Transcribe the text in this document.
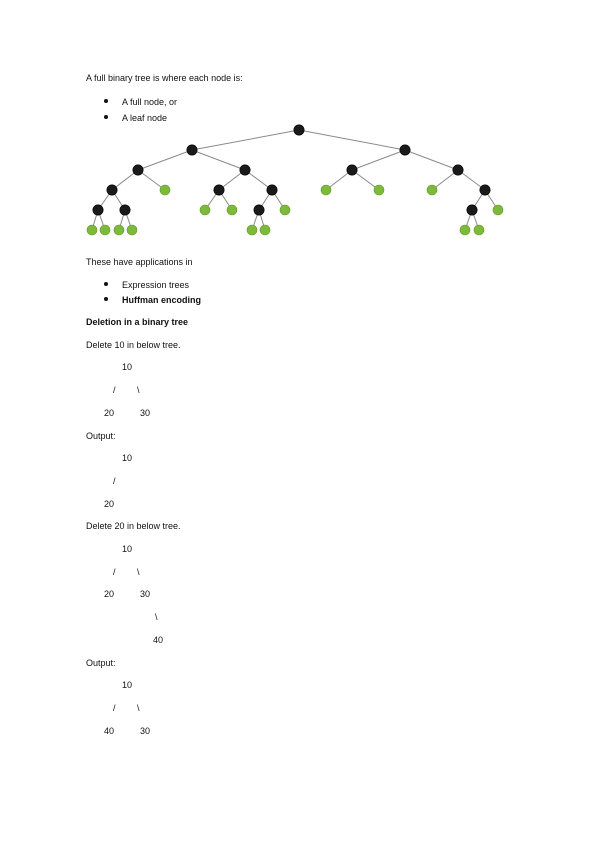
A full binary tree is where each node is:
A full node, or
A leaf node
These have applications in
Expression trees
Huffman encoding
Deletion in a binary tree
Delete 10 in below tree.
10
/ \
20	30
Output:
10
/
20
Delete 20 in below tree.
10
/ \
20	30
\
40
Output:
10
/ \
40	30
